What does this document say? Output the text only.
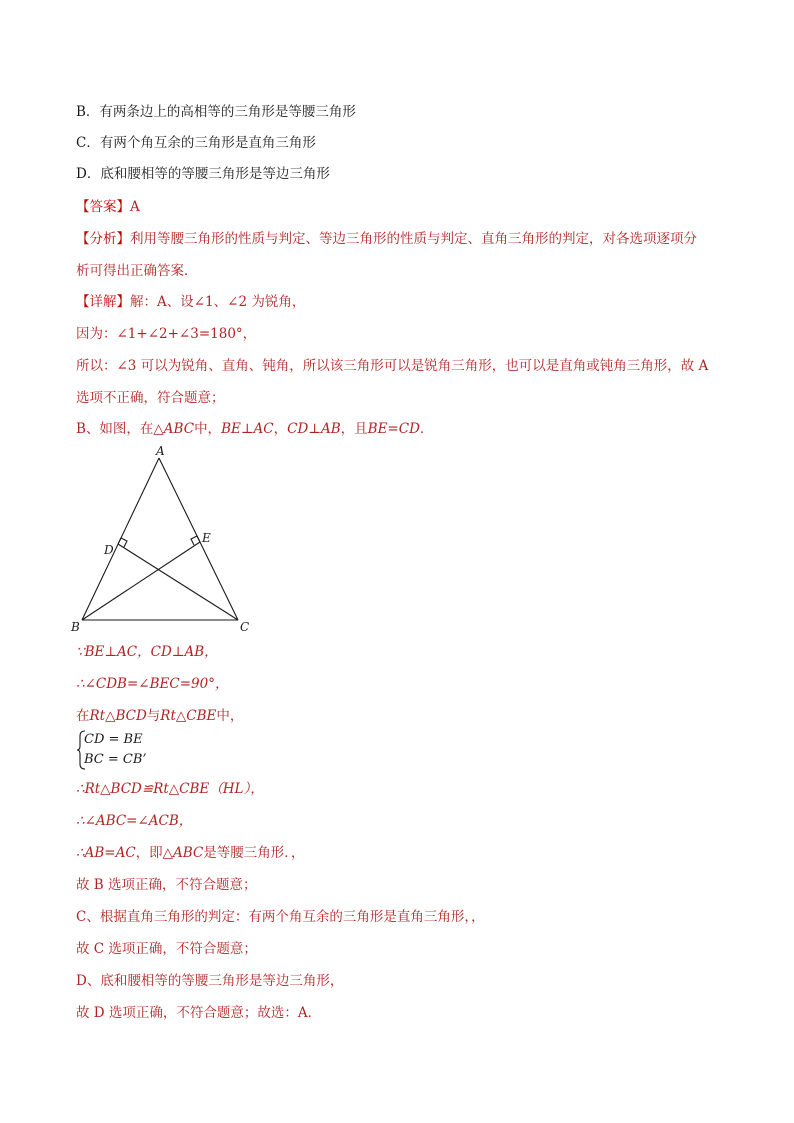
B．有两条边上的高相等的三角形是等腰三角形
C．有两个角互余的三角形是直角三角形
D．底和腰相等的等腰三角形是等边三角形
【答案】A
【分析】利用等腰三角形的性质与判定、等边三角形的性质与判定、直角三角形的判定，对各选项逐项分
析可得出正确答案．
【详解】解：A、设∠1、∠2 为锐角，
因为：∠1+∠2+∠3=180°，
所以：∠3 可以为锐角、直角、钝角，所以该三角形可以是锐角三角形，也可以是直角或钝角三角形，故 A
选项不正确，符合题意；
B、如图，在△ABC中，BE⊥AC，CD⊥AB，且BE=CD．
A
B	C
D
E
∵BE⊥AC，CD⊥AB，
∴∠CDB=∠BEC=90°，
在Rt△BCD与Rt△CBE中，
CD = BE
BC = CB’
∴Rt△BCD≌Rt△CBE（HL），
∴∠ABC=∠ACB，
∴AB=AC，即△ABC是等腰三角形．，
故 B 选项正确，不符合题意；
C、根据直角三角形的判定：有两个角互余的三角形是直角三角形，，
故 C 选项正确，不符合题意；
D、底和腰相等的等腰三角形是等边三角形，
故 D 选项正确，不符合题意；故选：A．
